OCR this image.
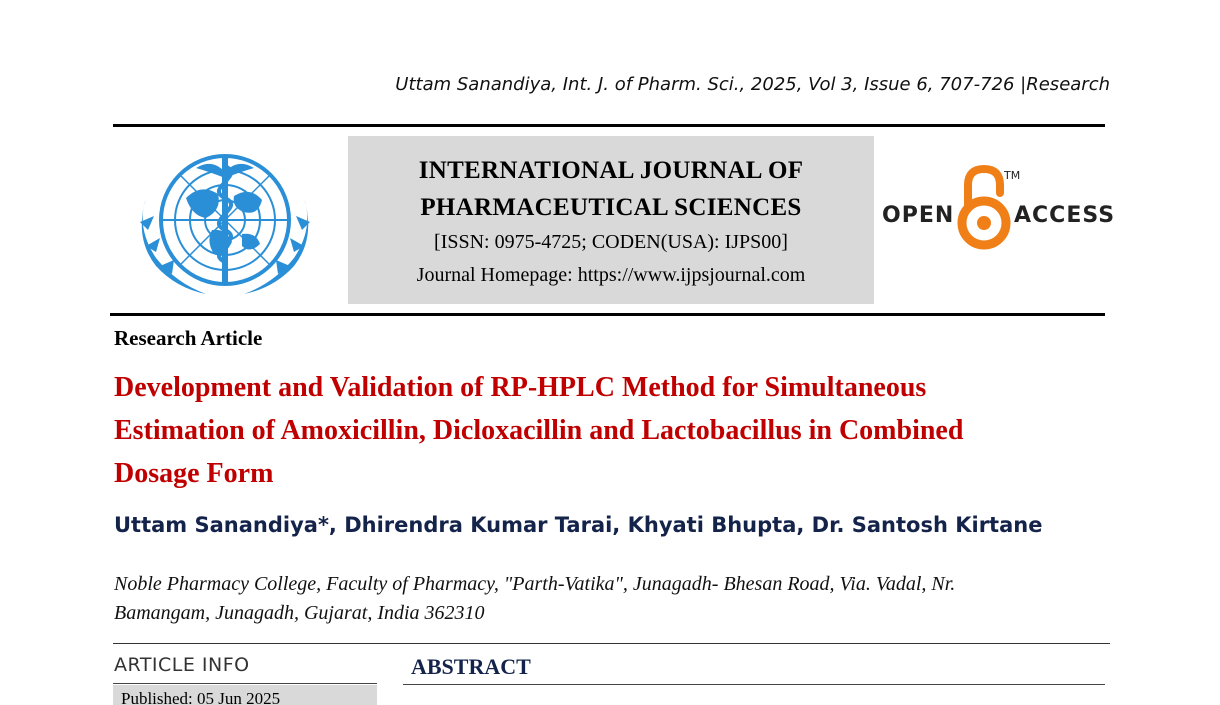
Uttam Sanandiya, Int. J. of Pharm. Sci., 2025, Vol 3, Issue 6, 707-726 |Research
INTERNATIONAL JOURNAL OF
PHARMACEUTICAL SCIENCES
[ISSN: 0975-4725; CODEN(USA): IJPS00]
Journal Homepage: https://www.ijpsjournal.com
OPEN
TM
ACCESS
Research Article
Development and Validation of RP-HPLC Method for Simultaneous
Estimation of Amoxicillin, Dicloxacillin and Lactobacillus in Combined
Dosage Form
Uttam Sanandiya*, Dhirendra Kumar Tarai, Khyati Bhupta, Dr. Santosh Kirtane
Noble Pharmacy College, Faculty of Pharmacy, "Parth-Vatika", Junagadh- Bhesan Road, Via. Vadal, Nr.
Bamangam, Junagadh, Gujarat, India 362310
ARTICLE INFO
Published: 05 Jun 2025
ABSTRACT
